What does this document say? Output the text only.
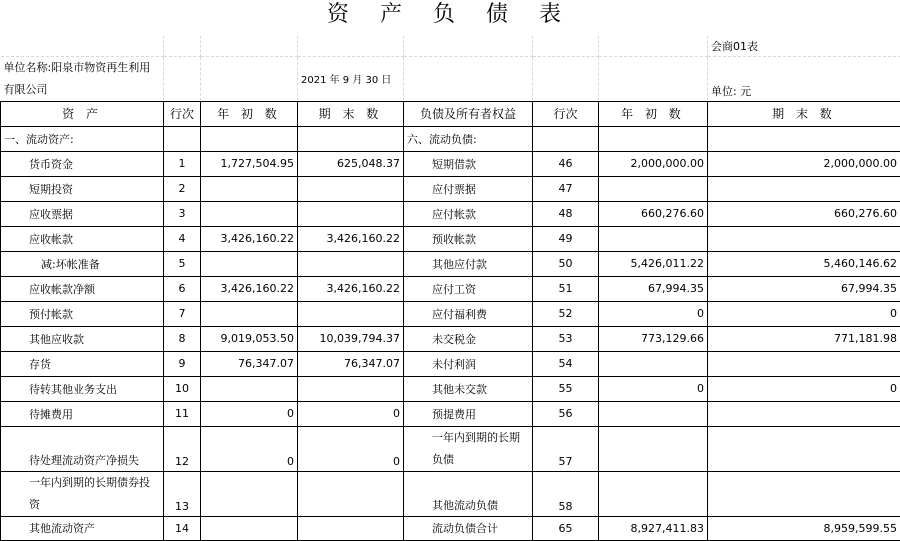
资 产 负 债 表
							会商01表
单位名称:阳泉市物资再生利用有限公司			2021 年 9 月 30 日				单位: 元
资 产	行次	年 初 数	期 末 数	负债及所有者权益	行次	年 初 数	期 末 数
一、流动资产:				六、流动负债:			
货币资金	1	1,727,504.95	625,048.37	短期借款	46	2,000,000.00	2,000,000.00
短期投资	2			应付票据	47		
应收票据	3			应付帐款	48	660,276.60	660,276.60
应收帐款	4	3,426,160.22	3,426,160.22	预收帐款	49		
减:坏帐准备	5			其他应付款	50	5,426,011.22	5,460,146.62
应收帐款净额	6	3,426,160.22	3,426,160.22	应付工资	51	67,994.35	67,994.35
预付帐款	7			应付福利费	52	0	0
其他应收款	8	9,019,053.50	10,039,794.37	未交税金	53	773,129.66	771,181.98
存货	9	76,347.07	76,347.07	未付利润	54		
待转其他业务支出	10			其他未交款	55	0	0
待摊费用	11	0	0	预提费用	56		
待处理流动资产净损失	12	0	0	一年内到期的长期负债	57		
一年内到期的长期债券投资	13			其他流动负债	58		
其他流动资产	14			流动负债合计	65	8,927,411.83	8,959,599.55
